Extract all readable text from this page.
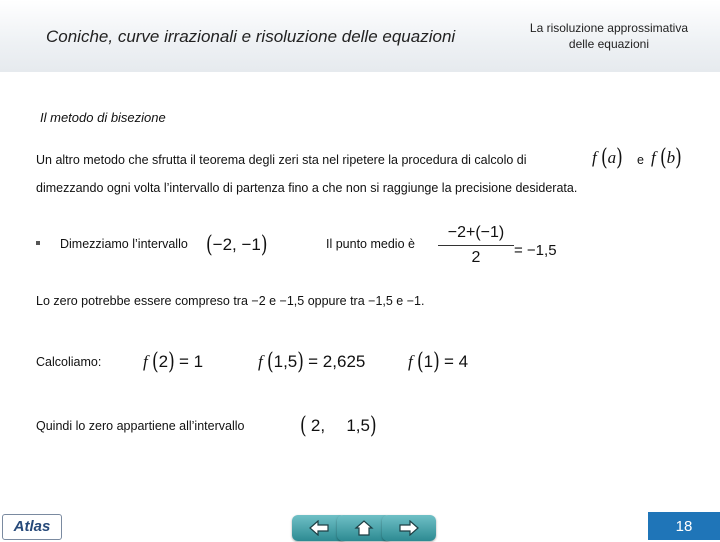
Coniche, curve irrazionali e risoluzione delle equazioni	La risoluzione approssimativa
delle equazioni
Il metodo di bisezione
Un altro metodo che sfrutta il teorema degli zeri sta nel ripetere la procedura di calcolo di	f (a) e f (b)
dimezzando ogni volta l’intervallo di partenza fino a che non si raggiunge la precisione desiderata.
Dimezziamo l’intervallo (−2, −1)	Il punto medio è $\frac{-2+(-1)}{2} = -1,5$
Lo zero potrebbe essere compreso tra −2 e −1,5 oppure tra −1,5 e −1.
Calcoliamo: f (2) = 1	f (1,5) = 2,625	f (1) = 4
Quindi lo zero appartiene all’intervallo	( 2, 1,5)
Atlas	18
